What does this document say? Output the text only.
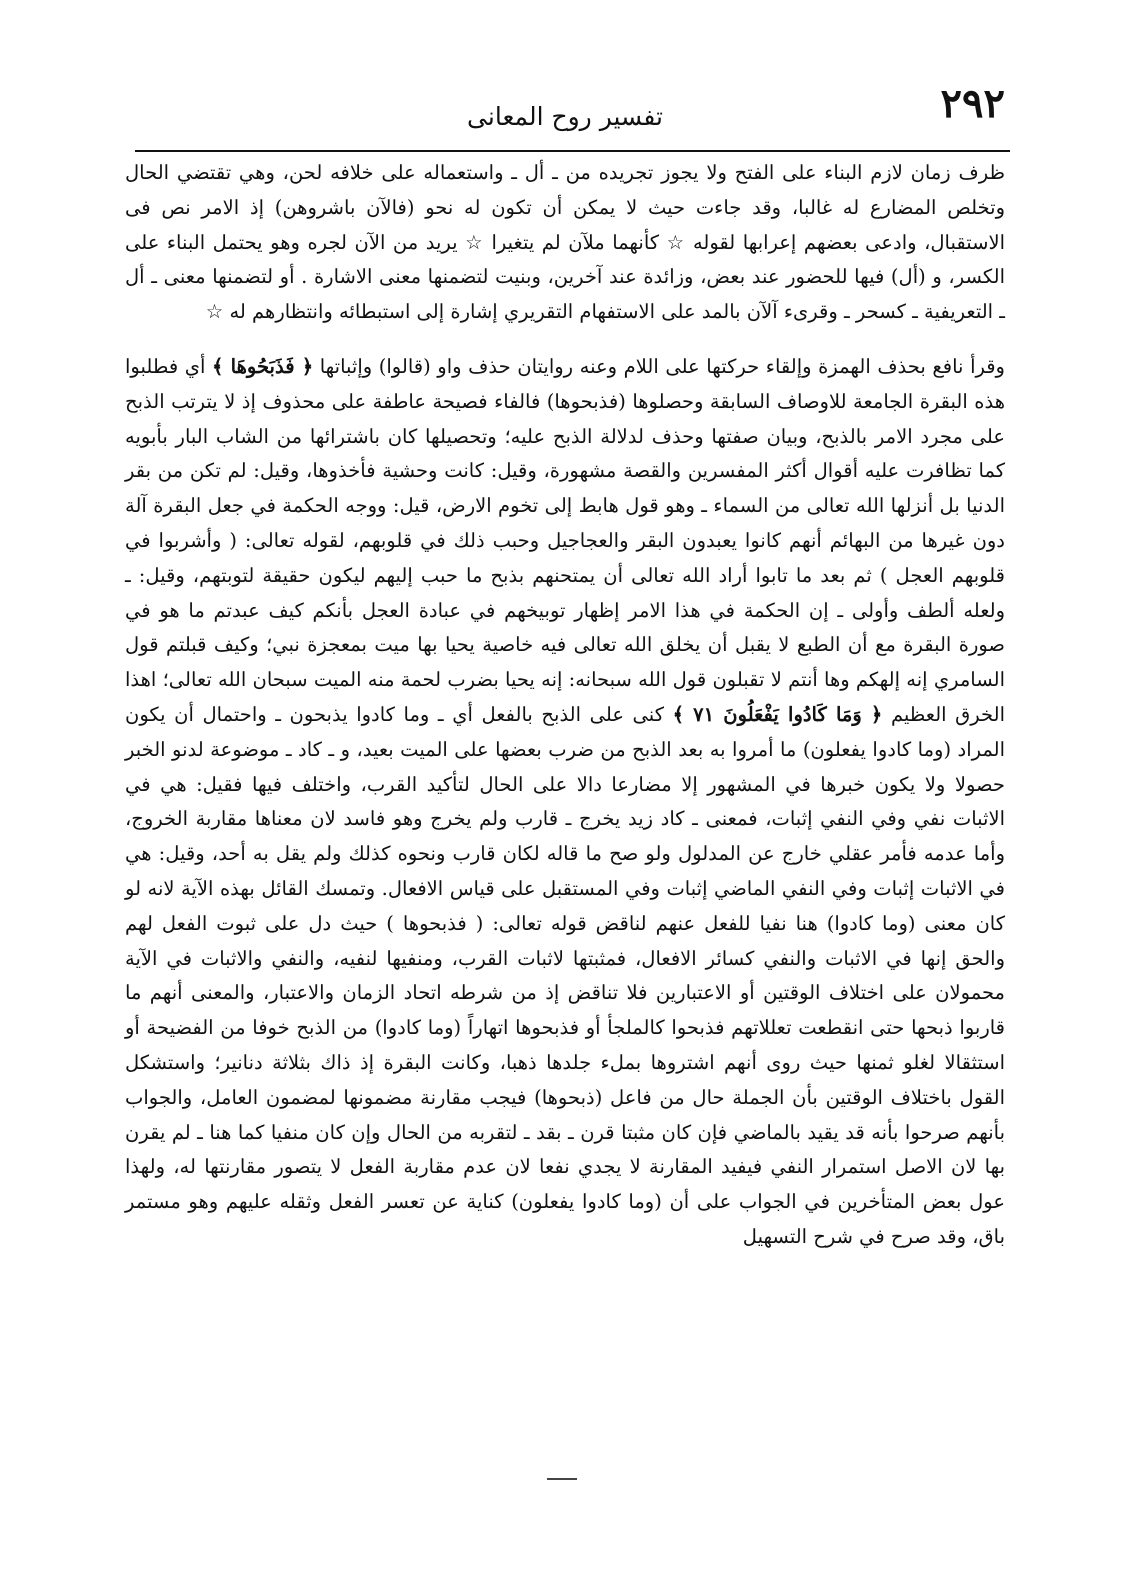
٢٩٢
تفسير روح المعانى

ظرف زمان لازم البناء على الفتح ولا يجوز تجريده من ـ أل ـ واستعماله على خلافه لحن، وهي تقتضي الحال وتخلص المضارع له غالبا، وقد جاءت حيث لا يمكن أن تكون له نحو (فالآن باشروهن) إذ الامر نص فى الاستقبال، وادعى بعضهم إعرابها لقوله ☆ كأنهما ملآن لم يتغيرا ☆ يريد من الآن لجره وهو يحتمل البناء على الكسر، و (أل) فيها للحضور عند بعض، وزائدة عند آخرين، وبنيت لتضمنها معنى الاشارة . أو لتضمنها معنى ـ أل ـ التعريفية ـ كسحر ـ وقرىء آلآن بالمد على الاستفهام التقريري إشارة إلى استبطائه وانتظارهم له ☆

وقرأ نافع بحذف الهمزة وإلقاء حركتها على اللام وعنه روايتان حذف واو (قالوا) وإثباتها ﴿ فَذَبَحُوهَا ﴾ أي فطلبوا هذه البقرة الجامعة للاوصاف السابقة وحصلوها (فذبحوها) فالفاء فصيحة عاطفة على محذوف إذ لا يترتب الذبح على مجرد الامر بالذبح، وبيان صفتها وحذف لدلالة الذبح عليه؛ وتحصيلها كان باشترائها من الشاب البار بأبويه كما تظافرت عليه أقوال أكثر المفسرين والقصة مشهورة، وقيل: كانت وحشية فأخذوها، وقيل: لم تكن من بقر الدنيا بل أنزلها الله تعالى من السماء ـ وهو قول هابط إلى تخوم الارض، قيل: ووجه الحكمة في جعل البقرة آلة دون غيرها من البهائم أنهم كانوا يعبدون البقر والعجاجيل وحبب ذلك في قلوبهم، لقوله تعالى: ( وأشربوا في قلوبهم العجل ) ثم بعد ما تابوا أراد الله تعالى أن يمتحنهم بذبح ما حبب إليهم ليكون حقيقة لتوبتهم، وقيل: ـ ولعله ألطف وأولى ـ إن الحكمة في هذا الامر إظهار توبيخهم في عبادة العجل بأنكم كيف عبدتم ما هو في صورة البقرة مع أن الطبع لا يقبل أن يخلق الله تعالى فيه خاصية يحيا بها ميت بمعجزة نبي؛ وكيف قبلتم قول السامري إنه إلهكم وها أنتم لا تقبلون قول الله سبحانه: إنه يحيا بضرب لحمة منه الميت سبحان الله تعالى؛ اهذا الخرق العظيم ﴿ وَمَا كَادُوا يَفْعَلُونَ ٧١ ﴾ كنى على الذبح بالفعل أي ـ وما كادوا يذبحون ـ واحتمال أن يكون المراد (وما كادوا يفعلون) ما أمروا به بعد الذبح من ضرب بعضها على الميت بعيد، و ـ كاد ـ موضوعة لدنو الخبر حصولا ولا يكون خبرها في المشهور إلا مضارعا دالا على الحال لتأكيد القرب، واختلف فيها فقيل: هي في الاثبات نفي وفي النفي إثبات، فمعنى ـ كاد زيد يخرج ـ قارب ولم يخرج وهو فاسد لان معناها مقاربة الخروج، وأما عدمه فأمر عقلي خارج عن المدلول ولو صح ما قاله لكان قارب ونحوه كذلك ولم يقل به أحد، وقيل: هي في الاثبات إثبات وفي النفي الماضي إثبات وفي المستقبل على قياس الافعال. وتمسك القائل بهذه الآية لانه لو كان معنى (وما كادوا) هنا نفيا للفعل عنهم لناقض قوله تعالى: ( فذبحوها ) حيث دل على ثبوت الفعل لهم والحق إنها في الاثبات والنفي كسائر الافعال، فمثبتها لاثبات القرب، ومنفيها لنفيه، والنفي والاثبات في الآية محمولان على اختلاف الوقتين أو الاعتبارين فلا تناقض إذ من شرطه اتحاد الزمان والاعتبار، والمعنى أنهم ما قاربوا ذبحها حتى انقطعت تعللاتهم فذبحوا كالملجأ أو فذبحوها اتهاراً (وما كادوا) من الذبح خوفا من الفضيحة أو استثقالا لغلو ثمنها حيث روى أنهم اشتروها بملء جلدها ذهبا، وكانت البقرة إذ ذاك بثلاثة دنانير؛ واستشكل القول باختلاف الوقتين بأن الجملة حال من فاعل (ذبحوها) فيجب مقارنة مضمونها لمضمون العامل، والجواب بأنهم صرحوا بأنه قد يقيد بالماضي فإن كان مثبتا قرن ـ بقد ـ لتقربه من الحال وإن كان منفيا كما هنا ـ لم يقرن بها لان الاصل استمرار النفي فيفيد المقارنة لا يجدي نفعا لان عدم مقاربة الفعل لا يتصور مقارنتها له، ولهذا عول بعض المتأخرين في الجواب على أن (وما كادوا يفعلون) كناية عن تعسر الفعل وثقله عليهم وهو مستمر باق، وقد صرح في شرح التسهيل
